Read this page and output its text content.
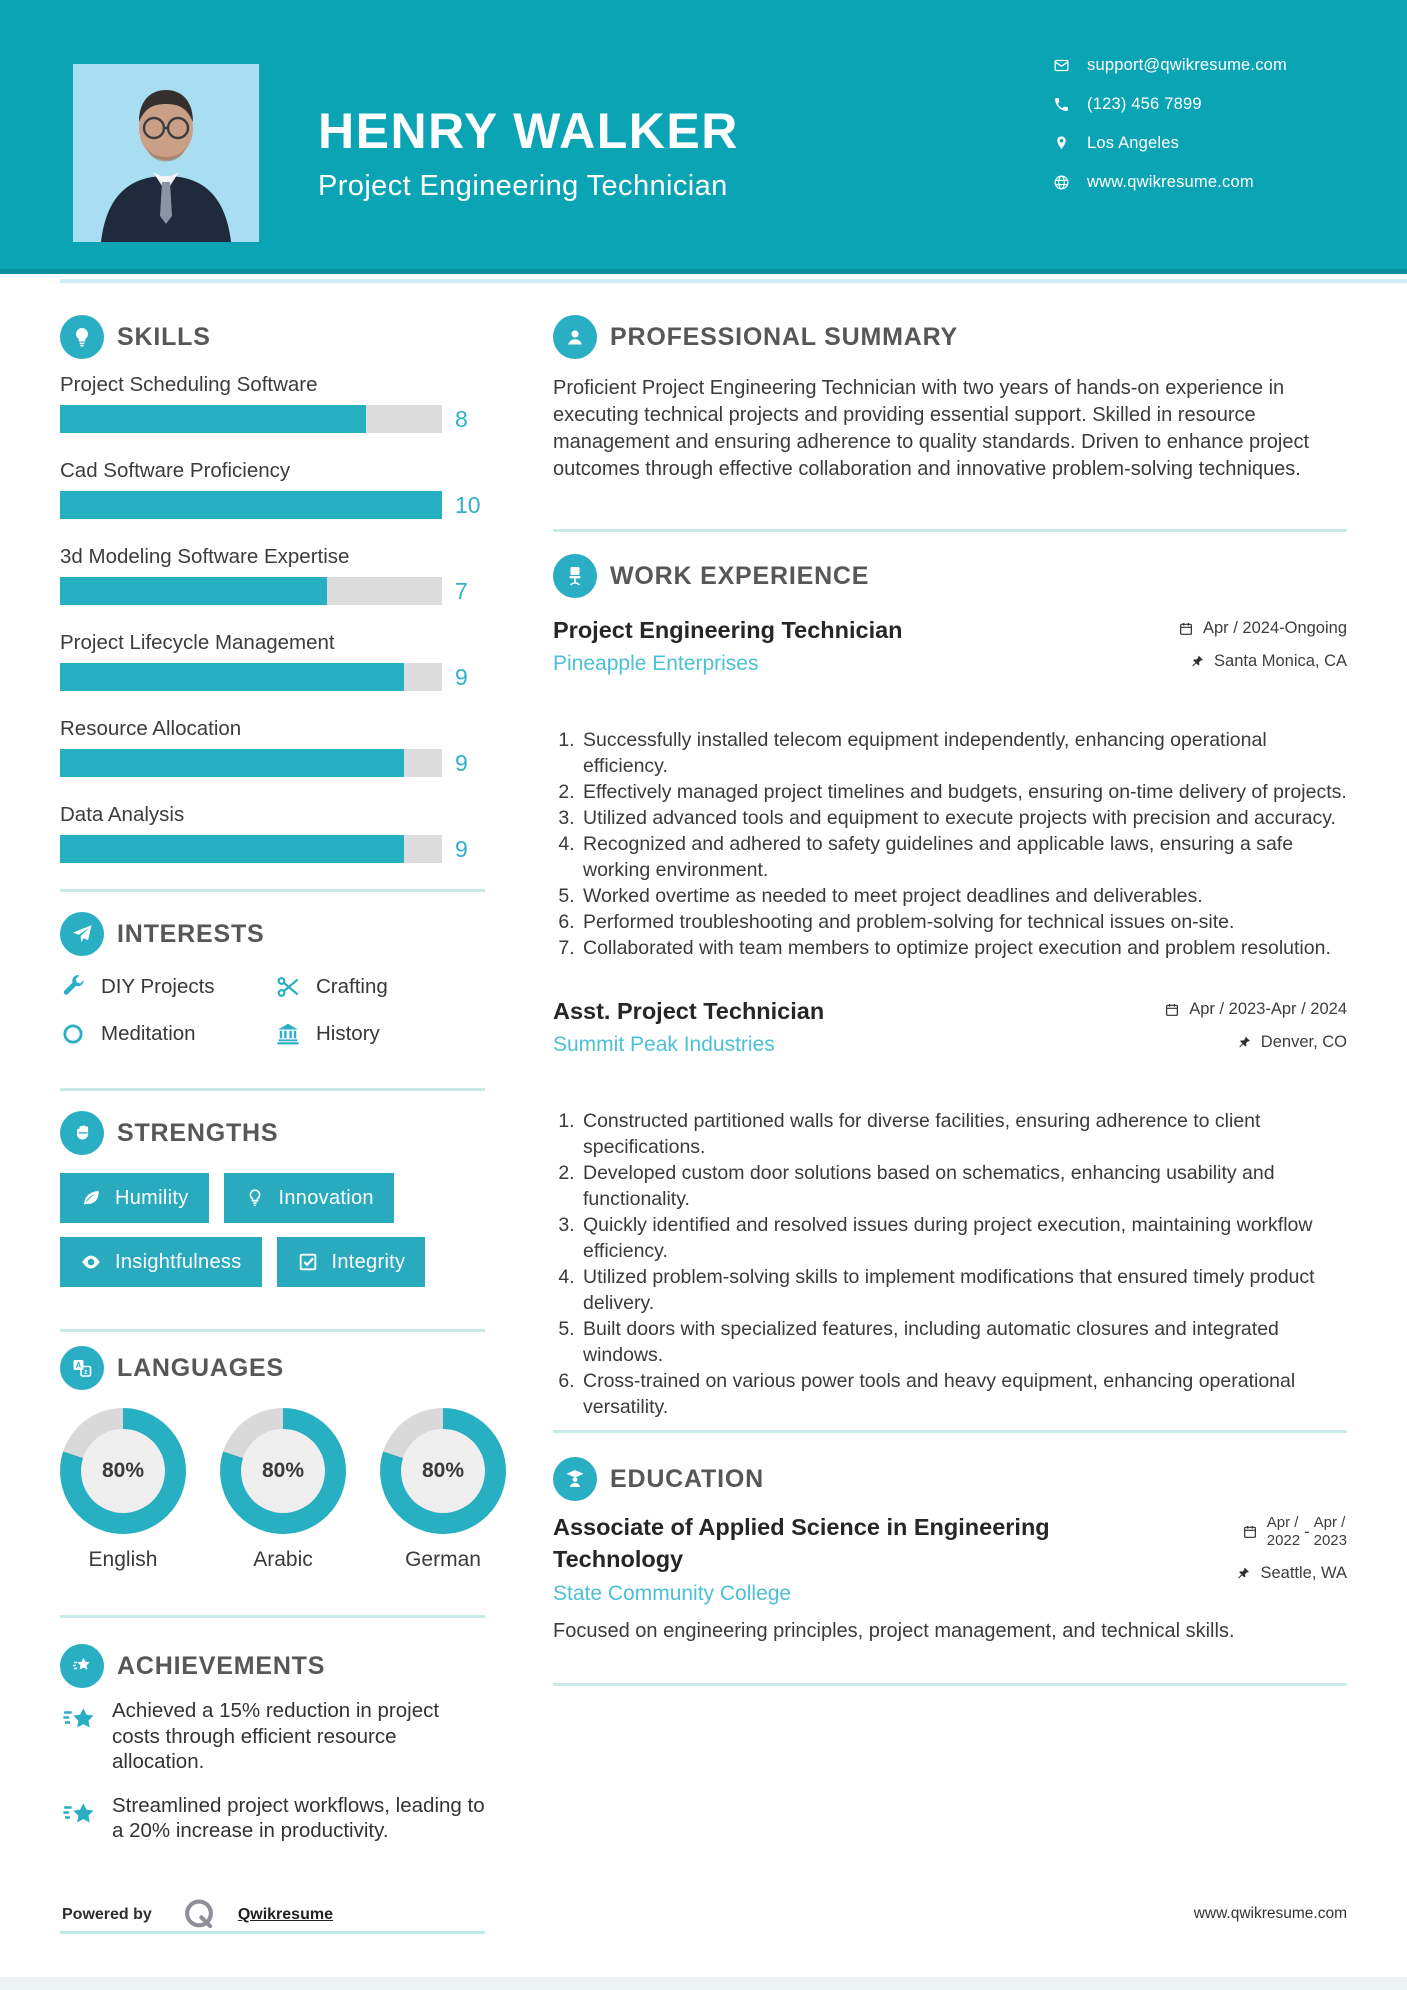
HENRY WALKER
Project Engineering Technician
support@qwikresume.com
(123) 456 7899
Los Angeles
www.qwikresume.com
SKILLS
Project Scheduling Software
8
Cad Software Proficiency
10
3d Modeling Software Expertise
7
Project Lifecycle Management
9
Resource Allocation
9
Data Analysis
9
INTERESTS
DIY Projects	Crafting
Meditation	History
STRENGTHS
Humility	Innovation
Insightfulness	Integrity
A
z LANGUAGES
80%
English
80%
Arabic
80%
German
ACHIEVEMENTS

Achieved a 15% reduction in project costs through efficient resource allocation.

Streamlined project workflows, leading to a 20% increase in productivity.

PROFESSIONAL SUMMARY

Proficient Project Engineering Technician with two years of hands-on experience in executing technical projects and providing essential support. Skilled in resource management and ensuring adherence to quality standards. Driven to enhance project outcomes through effective collaboration and innovative problem-solving techniques.

WORK EXPERIENCE
Project Engineering Technician
Pineapple Enterprises
Apr / 2024-Ongoing
Santa Monica, CA
1. Successfully installed telecom equipment independently, enhancing operational efficiency.
2. Effectively managed project timelines and budgets, ensuring on-time delivery of projects.
3. Utilized advanced tools and equipment to execute projects with precision and accuracy.
4. Recognized and adhered to safety guidelines and applicable laws, ensuring a safe working environment.
5. Worked overtime as needed to meet project deadlines and deliverables.
6. Performed troubleshooting and problem-solving for technical issues on-site.
7. Collaborated with team members to optimize project execution and problem resolution.
Asst. Project Technician
Summit Peak Industries
Apr / 2023-Apr / 2024
Denver, CO
1. Constructed partitioned walls for diverse facilities, ensuring adherence to client specifications.
2. Developed custom door solutions based on schematics, enhancing usability and functionality.
3. Quickly identified and resolved issues during project execution, maintaining workflow efficiency.
4. Utilized problem-solving skills to implement modifications that ensured timely product delivery.
5. Built doors with specialized features, including automatic closures and integrated windows.
6. Cross-trained on various power tools and heavy equipment, enhancing operational versatility.
EDUCATION
Associate of Applied Science in Engineering Technology
State Community College
Apr /
2022 - Apr /
2023
Seattle, WA

Focused on engineering principles, project management, and technical skills.

Powered by	Qwikresume	www.qwikresume.com
